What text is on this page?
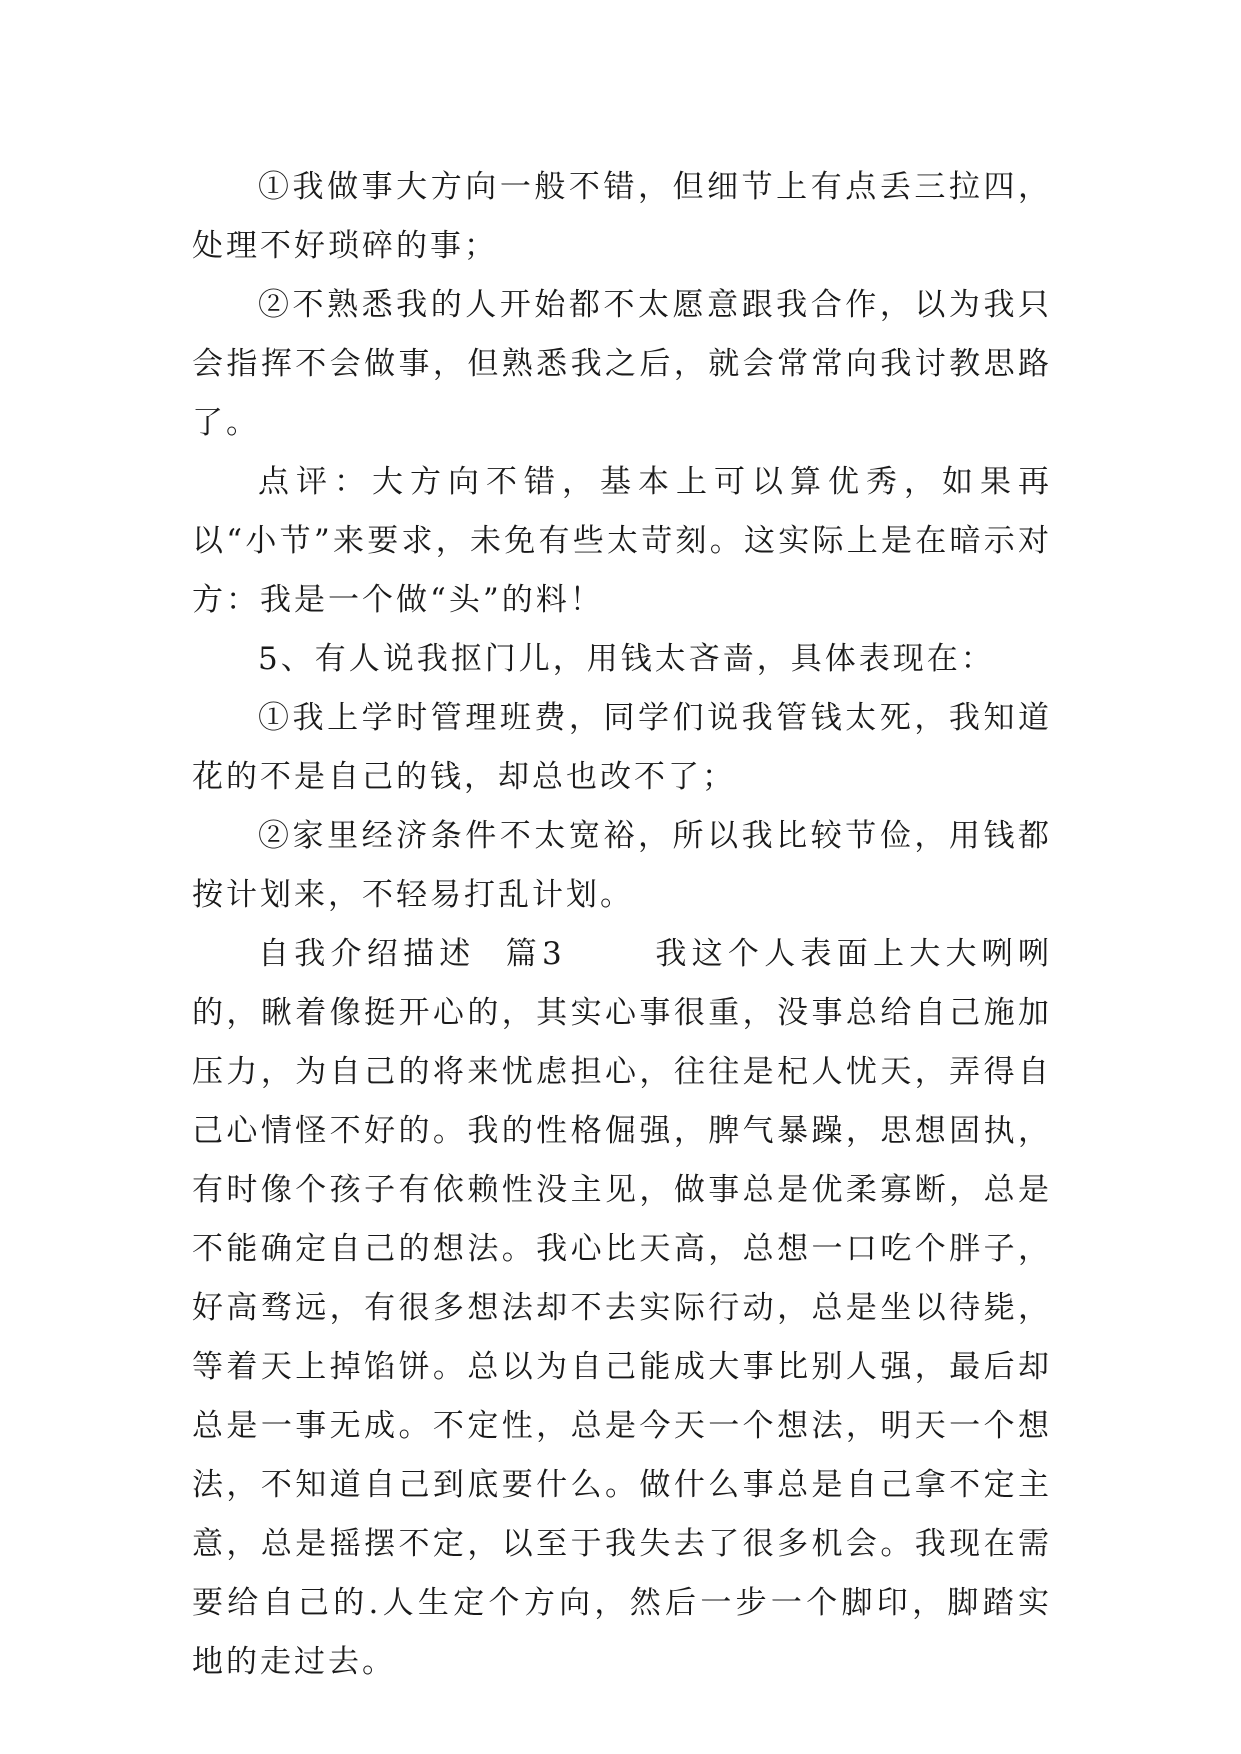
①我做事大方向一般不错，但细节上有点丢三拉四，处理不好琐碎的事；

②不熟悉我的人开始都不太愿意跟我合作，以为我只会指挥不会做事，但熟悉我之后，就会常常向我讨教思路了。

点评：大方向不错，基本上可以算优秀，如果再以“小节”来要求，未免有些太苛刻。这实际上是在暗示对方：我是一个做“头”的料！

5、有人说我抠门儿，用钱太吝啬，具体表现在：

①我上学时管理班费，同学们说我管钱太死，我知道花的不是自己的钱，却总也改不了；

②家里经济条件不太宽裕，所以我比较节俭，用钱都按计划来，不轻易打乱计划。

自我介绍描述  篇3      我这个人表面上大大咧咧的，瞅着像挺开心的，其实心事很重，没事总给自己施加压力，为自己的将来忧虑担心，往往是杞人忧天，弄得自己心情怪不好的。我的性格倔强，脾气暴躁，思想固执，有时像个孩子有依赖性没主见，做事总是优柔寡断，总是不能确定自己的想法。我心比天高，总想一口吃个胖子，好高骛远，有很多想法却不去实际行动，总是坐以待毙，等着天上掉馅饼。总以为自己能成大事比别人强，最后却总是一事无成。不定性，总是今天一个想法，明天一个想法，不知道自己到底要什么。做什么事总是自己拿不定主意，总是摇摆不定，以至于我失去了很多机会。我现在需要给自己的.人生定个方向，然后一步一个脚印，脚踏实地的走过去。
